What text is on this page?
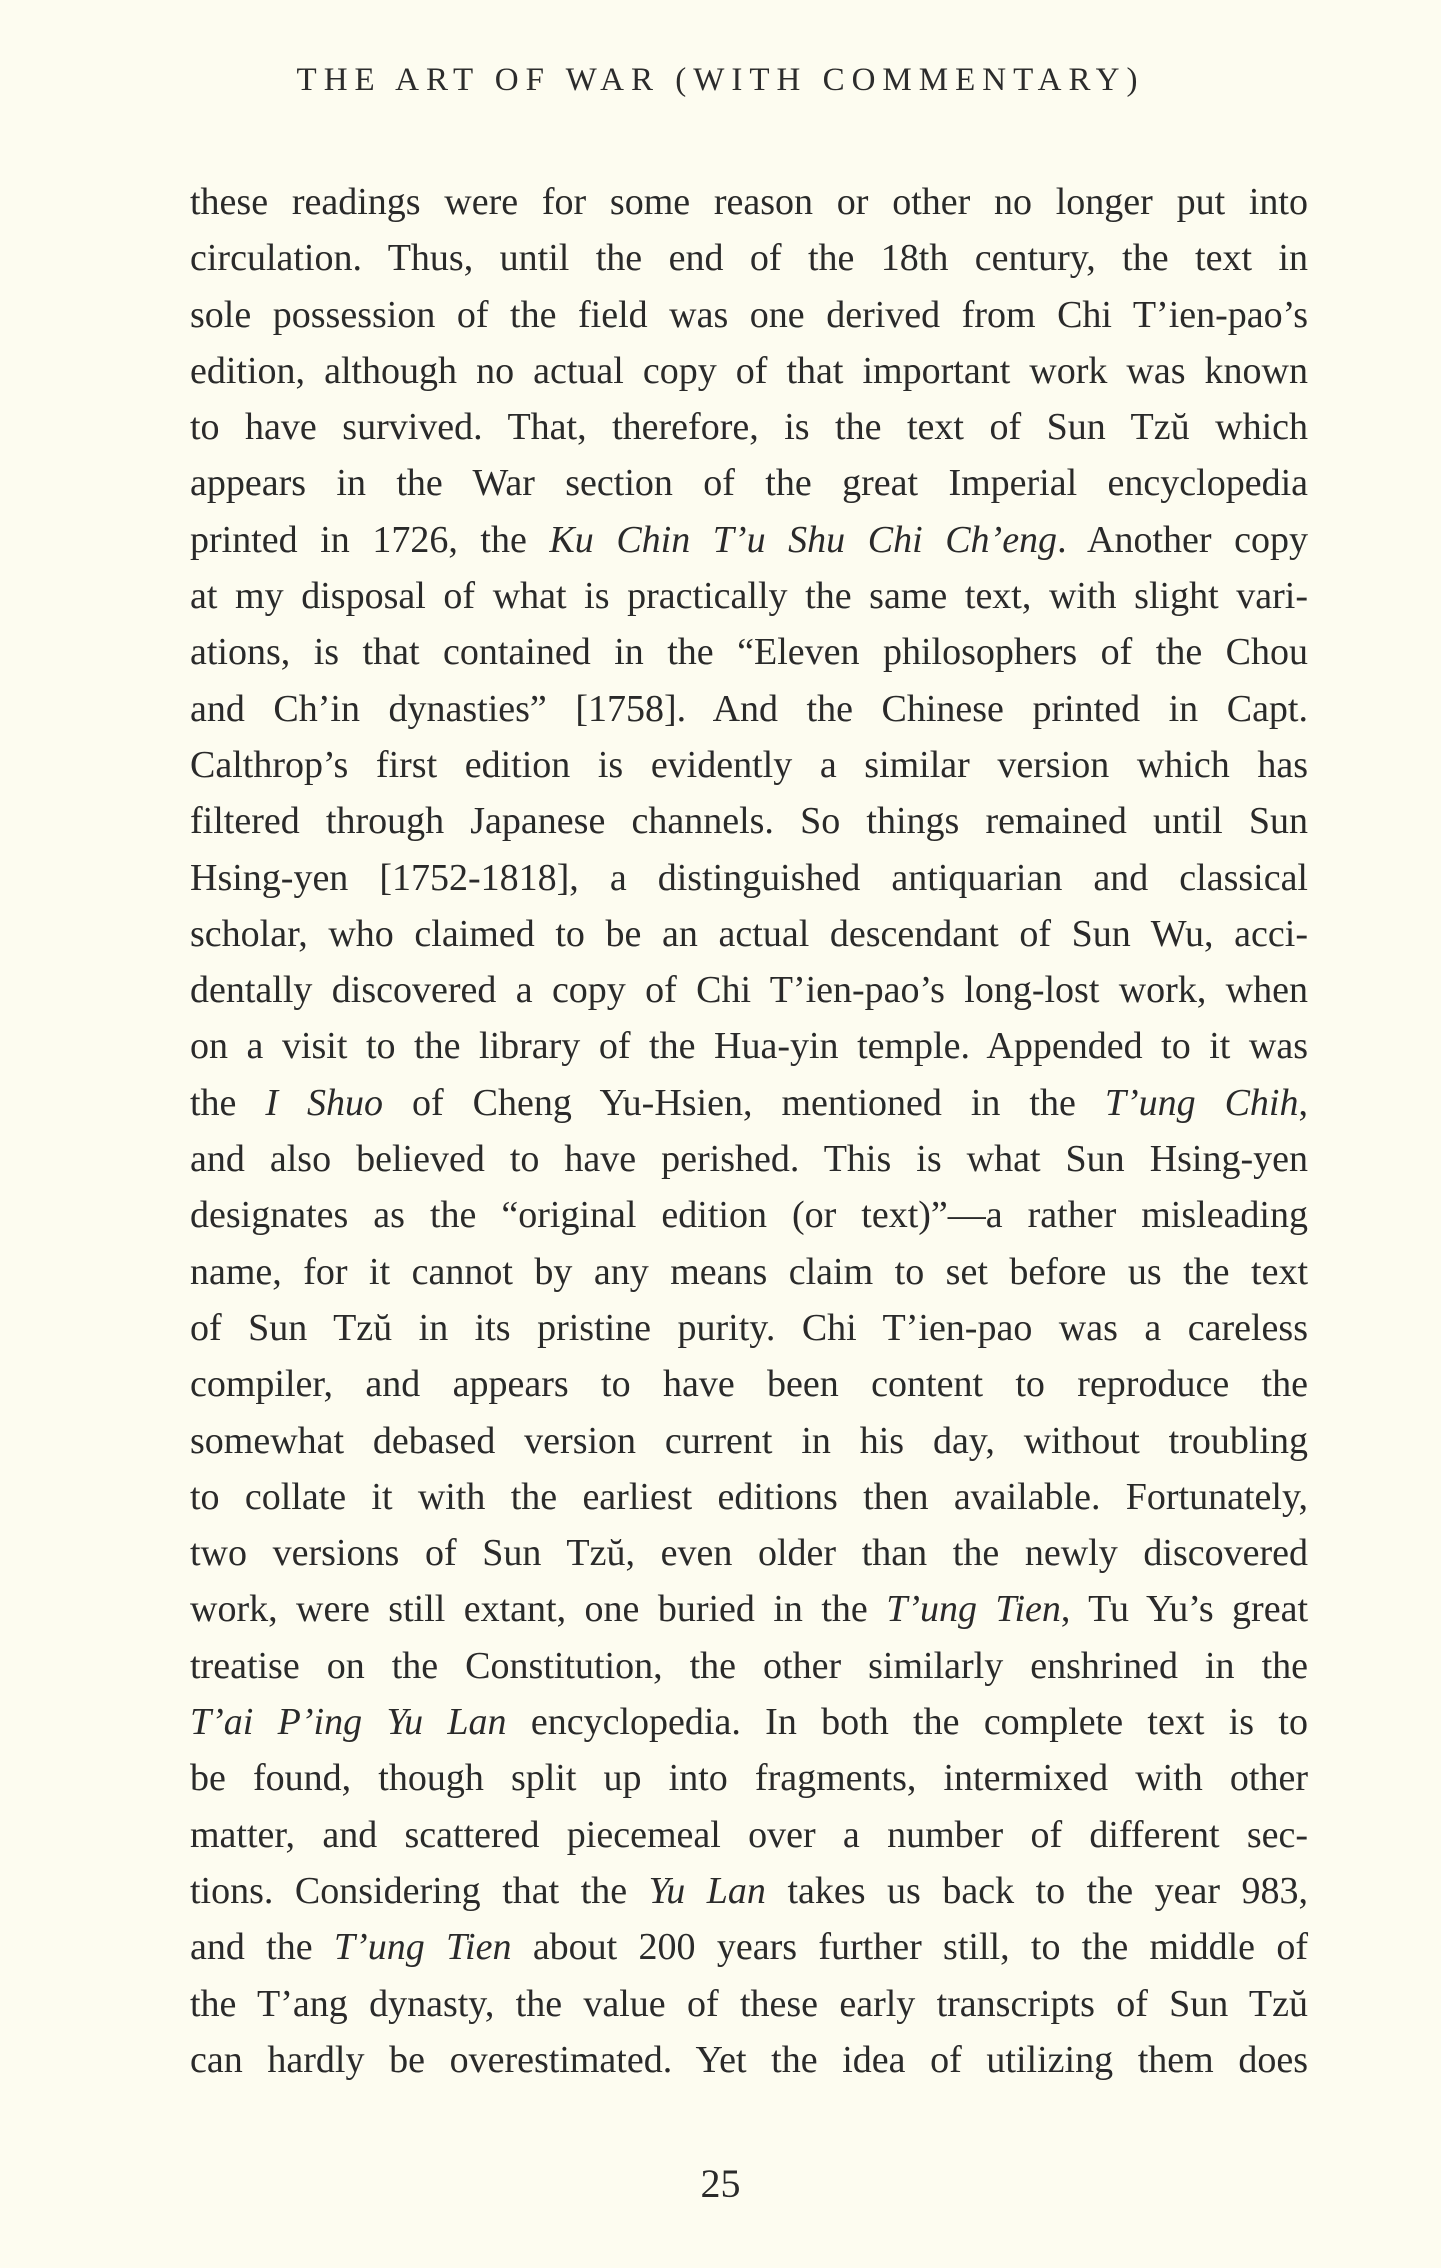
THE ART OF WAR (WITH COMMENTARY)
these readings were for some reason or other no longer put into
circulation. Thus, until the end of the 18th century, the text in
sole possession of the field was one derived from Chi T’ien-pao’s
edition, although no actual copy of that important work was known
to have survived. That, therefore, is the text of Sun Tzŭ which
appears in the War section of the great Imperial encyclopedia
printed in 1726, the Ku Chin T’u Shu Chi Ch’eng. Another copy
at my disposal of what is practically the same text, with slight vari-
ations, is that contained in the “Eleven philosophers of the Chou
and Ch’in dynasties” [1758]. And the Chinese printed in Capt.
Calthrop’s first edition is evidently a similar version which has
filtered through Japanese channels. So things remained until Sun
Hsing-yen [1752-1818], a distinguished antiquarian and classical
scholar, who claimed to be an actual descendant of Sun Wu, acci-
dentally discovered a copy of Chi T’ien-pao’s long-lost work, when
on a visit to the library of the Hua-yin temple. Appended to it was
the I Shuo of Cheng Yu-Hsien, mentioned in the T’ung Chih,
and also believed to have perished. This is what Sun Hsing-yen
designates as the “original edition (or text)”—a rather misleading
name, for it cannot by any means claim to set before us the text
of Sun Tzŭ in its pristine purity. Chi T’ien-pao was a careless
compiler, and appears to have been content to reproduce the
somewhat debased version current in his day, without troubling
to collate it with the earliest editions then available. Fortunately,
two versions of Sun Tzŭ, even older than the newly discovered
work, were still extant, one buried in the T’ung Tien, Tu Yu’s great
treatise on the Constitution, the other similarly enshrined in the
T’ai P’ing Yu Lan encyclopedia. In both the complete text is to
be found, though split up into fragments, intermixed with other
matter, and scattered piecemeal over a number of different sec-
tions. Considering that the Yu Lan takes us back to the year 983,
and the T’ung Tien about 200 years further still, to the middle of
the T’ang dynasty, the value of these early transcripts of Sun Tzŭ
can hardly be overestimated. Yet the idea of utilizing them does
25
